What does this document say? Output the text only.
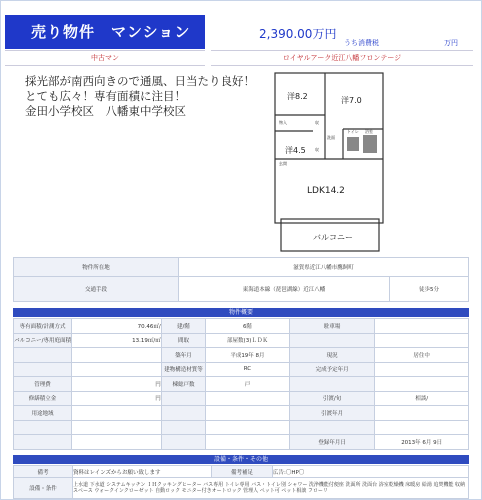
売り物件　マンション	2,390.00万円
うち消費税	万円
中古マン	ロイヤルアーク近江八幡フロンテージ
採光部が南西向きので通風、日当たり良好！
とても広々！専有面積に注目！
金田小学校区　八幡東中学校区
洋8.2	洋7.0
洋4.5
LDK14.2
バルコニー
洗面
物入	収
収
玄関
浴室
トイレ
物件所在地	滋賀県近江八幡市鷹飼町	
交通手段	東海道本線（琵琶湖線）近江八幡	徒歩5分
物件概要
専有面積/計測方式	70.46㎡/	建/階	6階	駐車場	
バルコニー/専用庭面積	13.19㎡/㎡	間取	部屋数(3)ＬＤＫ		
		築年月	平成19年 8月	現況	居住中
		建物構造材質等	RC	完成予定年月	
管理費	円	棟総戸数	戸		
修繕積立金	円			引渡/旬	相談/
用途地域				引渡年月	

				登録年月日	2013年 6月 9日
設備・条件・その他
備考	資料はレインズからお願い致します	備考補足	広告:〇HP〇
設備・条件	上水道 下水道 システムキッチン ＩＨクッキングヒーター バス専用 トイレ専用 バス・トイレ別 シャワー 洗浄機能付便座 洗面所 洗面台 浴室乾燥機 床暖房 給湯 追焚機能 収納スペース ウォークインクローゼット 自動ロック モニター付きオートロック 管理人 ペット可 ペット相談 フローリ		
